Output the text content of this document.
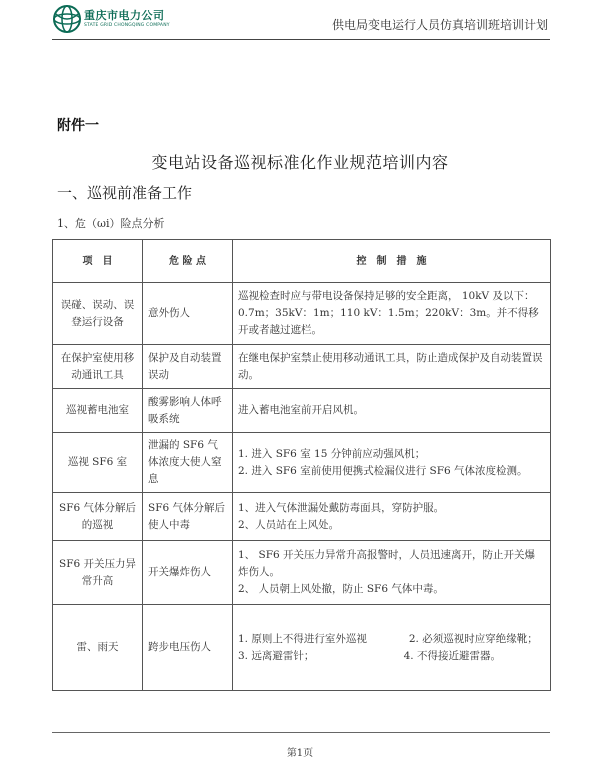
重庆市电力公司
STATE GRID CHONGQING COMPANY	供电局变电运行人员仿真培训班培训计划
附件一
变电站设备巡视标准化作业规范培训内容
一、巡视前准备工作
1、危（ωi）险点分析
项　目	危 险 点	控　制　措　施
误碰、误动、误登运行设备	意外伤人	巡视检查时应与带电设备保持足够的安全距离， 10kV 及以下：0.7m；35kV：1m；110 kV：1.5m；220kV：3m。并不得移开或者越过遮栏。

在保护室使用移动通讯工具	保护及自动装置误动	在继电保护室禁止使用移动通讯工具，防止造成保护及自动装置误动。

巡视蓄电池室	酸雾影响人体呼吸系统	进入蓄电池室前开启风机。

巡视 SF6 室	泄漏的 SF6 气体浓度大使人窒息	1. 进入 SF6 室 15 分钟前应动强风机；

2. 进入 SF6 室前使用便携式检漏仪进行 SF6 气体浓度检测。

SF6 气体分解后的巡视	SF6 气体分解后使人中毒	1、进入气体泄漏处戴防毒面具，穿防护服。

2、人员站在上风处。

SF6 开关压力异常升高	开关爆炸伤人	1、 SF6 开关压力异常升高报警时，人员迅速离开，防止开关爆炸伤人。

2、 人员朝上风处撤，防止 SF6 气体中毒。

雷、雨天	跨步电压伤人	1. 原则上不得进行室外巡视　　　　2. 必须巡视时应穿绝缘靴；

3. 远离避雷针；　　　　　　　　　4. 不得接近避雷器。

第1页
